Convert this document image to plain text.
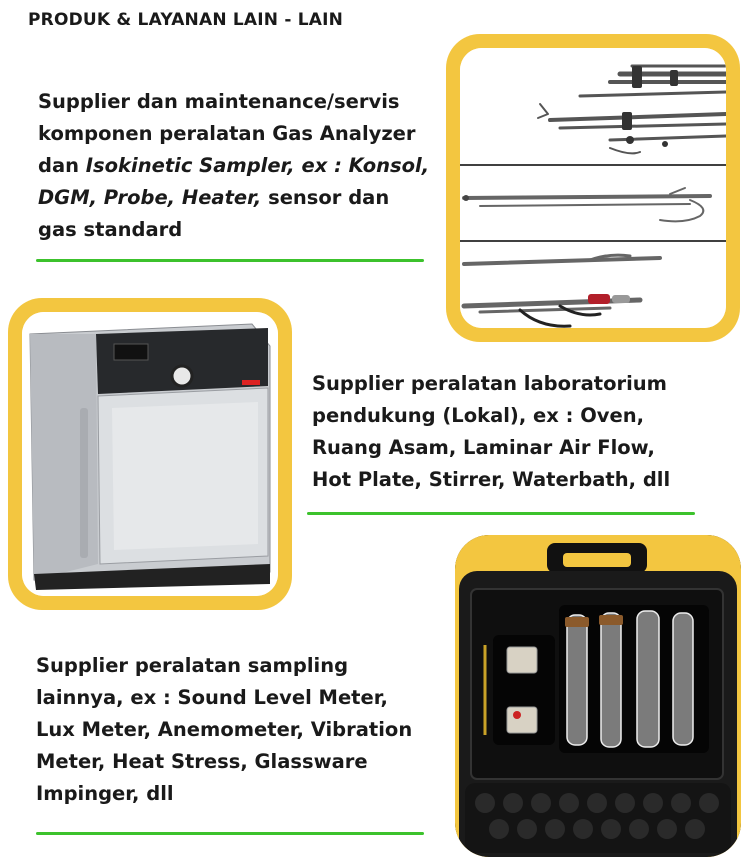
PRODUK & LAYANAN LAIN - LAIN
Supplier dan maintenance/servis
komponen peralatan Gas Analyzer
dan Isokinetic Sampler, ex : Konsol,
DGM, Probe, Heater, sensor dan
gas standard
Supplier peralatan laboratorium
pendukung (Lokal), ex : Oven,
Ruang Asam, Laminar Air Flow,
Hot Plate, Stirrer, Waterbath, dll
Supplier peralatan sampling
lainnya, ex : Sound Level Meter,
Lux Meter, Anemometer, Vibration
Meter, Heat Stress, Glassware
Impinger, dll
